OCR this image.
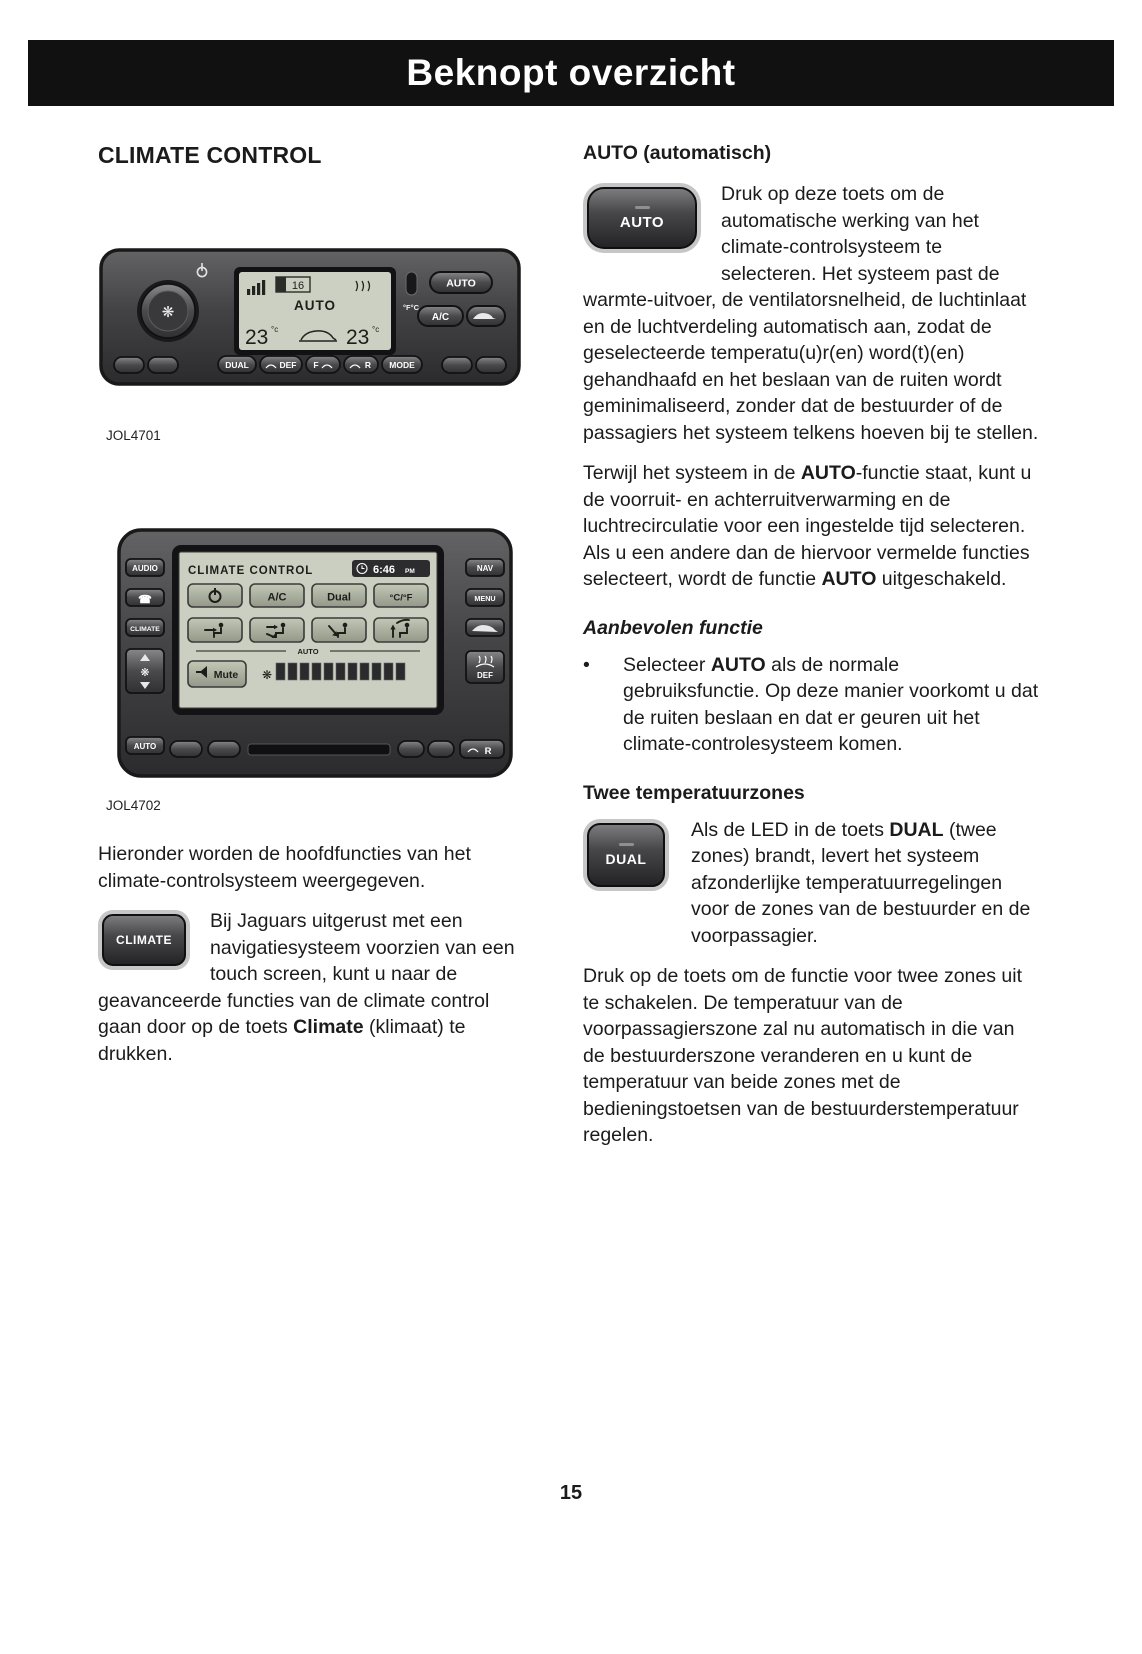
Beknopt overzicht
CLIMATE CONTROL
❋
16
AUTO
23 °c	23 °c
°F°C
AUTO
A/C
DUAL	DEF F	R MODE
JOL4701
AUDIO
☎
CLIMATE
❋
AUTO
NAV
MENU
DEF
CLIMATE CONTROL	6:46 PM
A/C	Dual	°C/°F
AUTO
Mute ❋
R
JOL4702

Hieronder worden de hoofdfuncties van het climate-controlsysteem weergegeven.

CLIMATE

Bij Jaguars uitgerust met een navigatiesysteem voorzien van een touch screen, kunt u naar de geavanceerde functies van de climate control gaan door op de toets Climate (klimaat) te drukken.

AUTO (automatisch)
AUTO

Druk op deze toets om de automatische werking van het climate-controlsysteem te selecteren. Het systeem past de warmte-uitvoer, de ventilatorsnelheid, de luchtinlaat en de luchtverdeling automatisch aan, zodat de geselecteerde temperatu(u)r(en) word(t)(en) gehandhaafd en het beslaan van de ruiten wordt geminimaliseerd, zonder dat de bestuurder of de passagiers het systeem telkens hoeven bij te stellen.

Terwijl het systeem in de AUTO-functie staat, kunt u de voorruit- en achterruitverwarming en de luchtrecirculatie voor een ingestelde tijd selecteren. Als u een andere dan de hiervoor vermelde functies selecteert, wordt de functie AUTO uitgeschakeld.

Aanbevolen functie
•	Selecteer AUTO als de normale gebruiksfunctie. Op deze manier voorkomt u dat de ruiten beslaan en dat er geuren uit het climate-controlesysteem komen.

Twee temperatuurzones
DUAL

Als de LED in de toets DUAL (twee zones) brandt, levert het systeem afzonderlijke temperatuurregelingen voor de zones van de bestuurder en de voorpassagier.

Druk op de toets om de functie voor twee zones uit te schakelen. De temperatuur van de voorpassagierszone zal nu automatisch in die van de bestuurderszone veranderen en u kunt de temperatuur van beide zones met de bedieningstoetsen van de bestuurderstemperatuur regelen.

15
